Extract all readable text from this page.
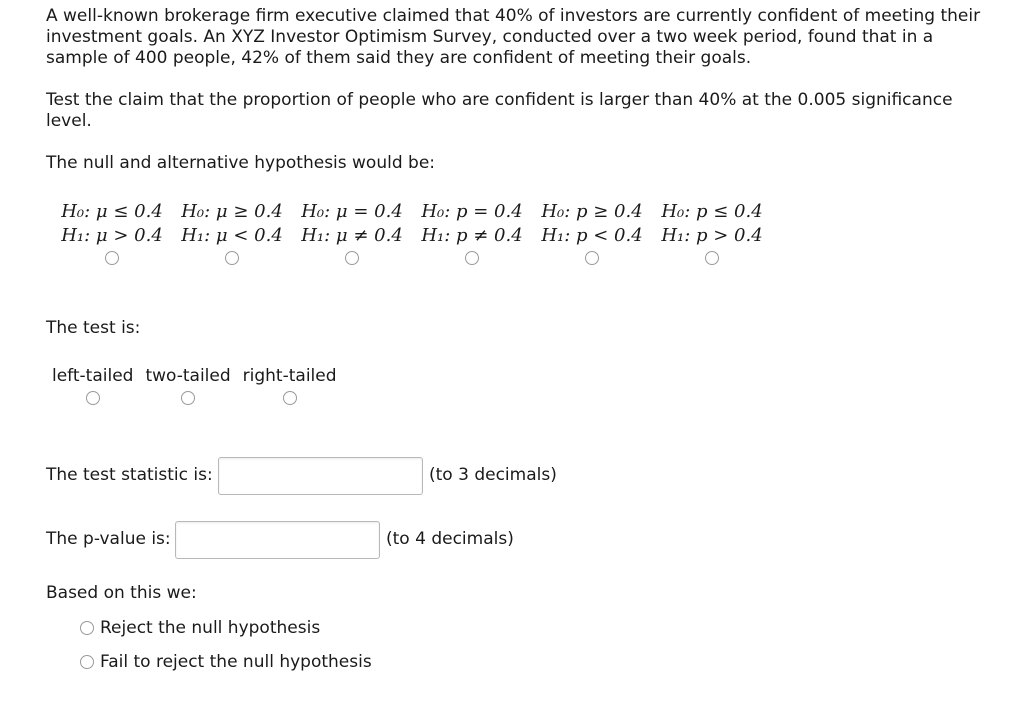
A well-known brokerage firm executive claimed that 40% of investors are currently confident of meeting their investment goals. An XYZ Investor Optimism Survey, conducted over a two week period, found that in a sample of 400 people, 42% of them said they are confident of meeting their goals.
Test the claim that the proportion of people who are confident is larger than 40% at the 0.005 significance level.
The null and alternative hypothesis would be:
H₀: μ ≤ 0.4
H₁: μ > 0.4
H₀: μ ≥ 0.4
H₁: μ < 0.4
H₀: μ = 0.4
H₁: μ ≠ 0.4
H₀: p = 0.4
H₁: p ≠ 0.4
H₀: p ≥ 0.4
H₁: p < 0.4
H₀: p ≤ 0.4
H₁: p > 0.4
The test is:
left-tailed two-tailed right-tailed
The test statistic is:	(to 3 decimals)
The p-value is:	(to 4 decimals)
Based on this we:
Reject the null hypothesis
Fail to reject the null hypothesis
